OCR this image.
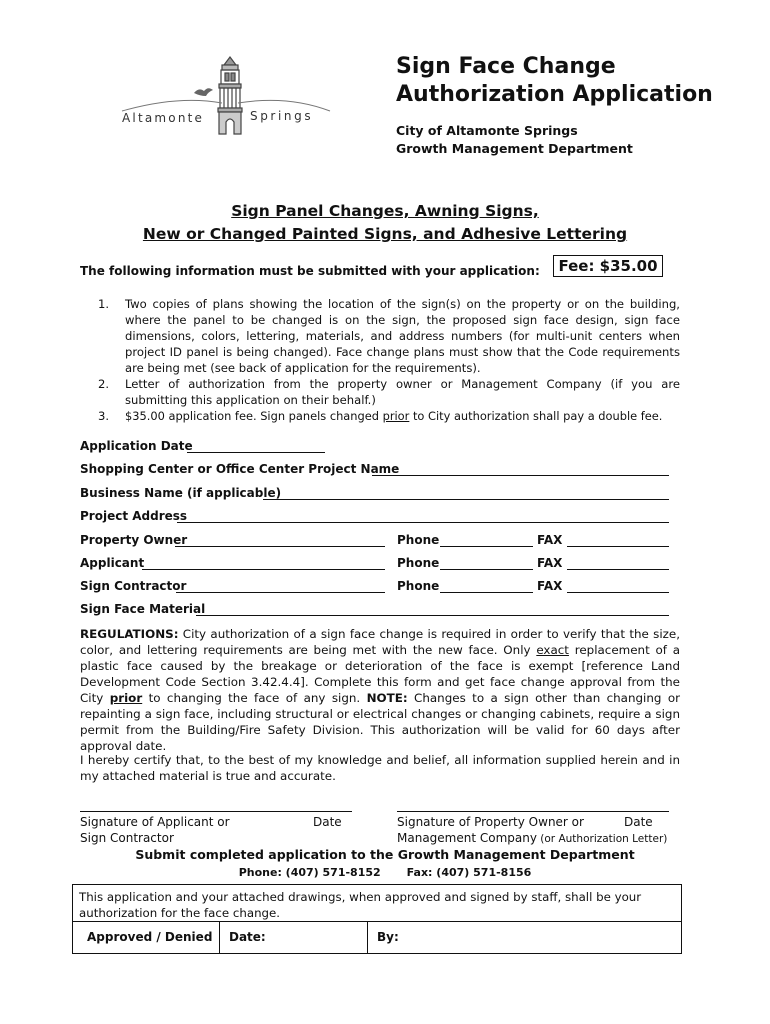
Altamonte	Springs
Sign Face Change
Authorization Application
City of Altamonte Springs
Growth Management Department
Sign Panel Changes, Awning Signs,
New or Changed Painted Signs, and Adhesive Lettering
The following information must be submitted with your application:	Fee: $35.00
1. Two copies of plans showing the location of the sign(s) on the property or on the building, where the panel to be changed is on the sign, the proposed sign face design, sign face dimensions, colors, lettering, materials, and address numbers (for multi-unit centers when project ID panel is being changed). Face change plans must show that the Code requirements are being met (see back of application for the requirements).
2. Letter of authorization from the property owner or Management Company (if you are submitting this application on their behalf.)
3. $35.00 application fee. Sign panels changed prior to City authorization shall pay a double fee.
Application Date
Shopping Center or Office Center Project Name
Business Name (if applicable)
Project Address
Property Owner	Phone	FAX
Applicant	Phone	FAX
Sign Contractor	Phone	FAX
Sign Face Material
REGULATIONS: City authorization of a sign face change is required in order to verify that the size, color, and lettering requirements are being met with the new face. Only exact replacement of a plastic face caused by the breakage or deterioration of the face is exempt [reference Land Development Code Section 3.42.4.4]. Complete this form and get face change approval from the City prior to changing the face of any sign. NOTE: Changes to a sign other than changing or repainting a sign face, including structural or electrical changes or changing cabinets, require a sign permit from the Building/Fire Safety Division. This authorization will be valid for 60 days after approval date.
I hereby certify that, to the best of my knowledge and belief, all information supplied herein and in my attached material is true and accurate.
Signature of Applicant or
Sign Contractor
Date	Signature of Property Owner or
Management Company (or Authorization Letter)
Date
Submit completed application to the Growth Management Department
Phone: (407) 571-8152 Fax: (407) 571-8156
This application and your attached drawings, when approved and signed by staff, shall be your authorization for the face change.
Approved / Denied Date:	By:
